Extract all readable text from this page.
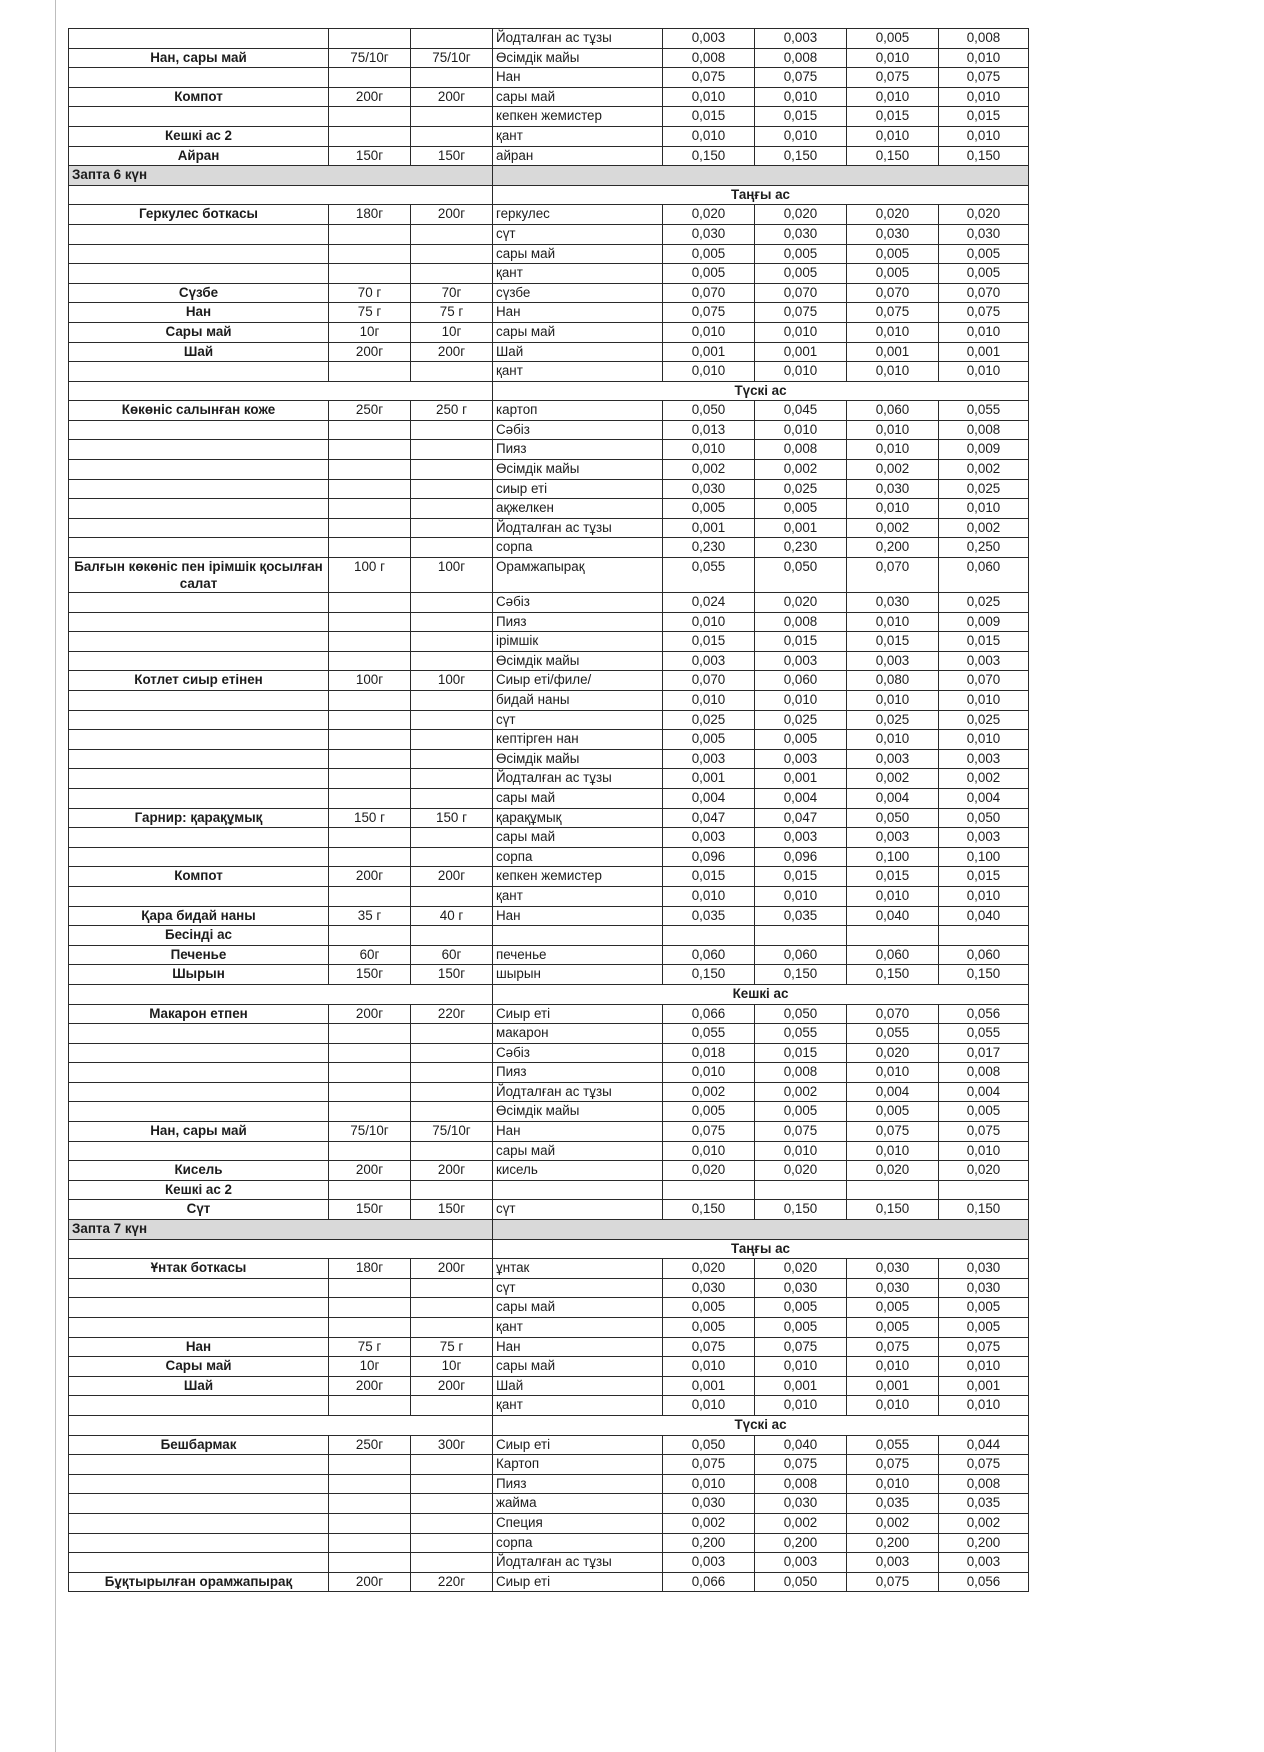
			Йодталған ас тұзы	0,003	0,003	0,005	0,008
Нан, сары май	75/10г	75/10г	Өсімдік майы	0,008	0,008	0,010	0,010
			Нан	0,075	0,075	0,075	0,075
Компот	200г	200г	сары май	0,010	0,010	0,010	0,010
			кепкен жемистер	0,015	0,015	0,015	0,015
Кешкі ас 2			қант	0,010	0,010	0,010	0,010
Айран	150г	150г	айран	0,150	0,150	0,150	0,150
Запта 6 күн							
			Таңғы ас				
Геркулес боткасы	180г	200г	геркулес	0,020	0,020	0,020	0,020
			сүт	0,030	0,030	0,030	0,030
			сары май	0,005	0,005	0,005	0,005
			қант	0,005	0,005	0,005	0,005
Сүзбе	70 г	70г	сүзбе	0,070	0,070	0,070	0,070
Нан	75 г	75 г	Нан	0,075	0,075	0,075	0,075
Сары май	10г	10г	сары май	0,010	0,010	0,010	0,010
Шай	200г	200г	Шай	0,001	0,001	0,001	0,001
			қант	0,010	0,010	0,010	0,010
			Түскі ас				
Көкөніс салынған коже	250г	250 г	картоп	0,050	0,045	0,060	0,055
			Сәбіз	0,013	0,010	0,010	0,008
			Пияз	0,010	0,008	0,010	0,009
			Өсімдік майы	0,002	0,002	0,002	0,002
			сиыр еті	0,030	0,025	0,030	0,025
			ақжелкен	0,005	0,005	0,010	0,010
			Йодталған ас тұзы	0,001	0,001	0,002	0,002
			сорпа	0,230	0,230	0,200	0,250
Балғын көкөніс пен ірімшік қосылған салат	100 г	100г	Орамжапырақ	0,055	0,050	0,070	0,060
			Сәбіз	0,024	0,020	0,030	0,025
			Пияз	0,010	0,008	0,010	0,009
			ірімшік	0,015	0,015	0,015	0,015
			Өсімдік майы	0,003	0,003	0,003	0,003
Котлет сиыр етінен	100г	100г	Сиыр еті/филе/	0,070	0,060	0,080	0,070
			бидай наны	0,010	0,010	0,010	0,010
			сүт	0,025	0,025	0,025	0,025
			кептірген нан	0,005	0,005	0,010	0,010
			Өсімдік майы	0,003	0,003	0,003	0,003
			Йодталған ас тұзы	0,001	0,001	0,002	0,002
			сары май	0,004	0,004	0,004	0,004
Гарнир: қарақұмық	150 г	150 г	қарақұмық	0,047	0,047	0,050	0,050
			сары май	0,003	0,003	0,003	0,003
			сорпа	0,096	0,096	0,100	0,100
Компот	200г	200г	кепкен жемистер	0,015	0,015	0,015	0,015
			қант	0,010	0,010	0,010	0,010
Қара бидай наны	35 г	40 г	Нан	0,035	0,035	0,040	0,040
Бесінді ас							
Печенье	60г	60г	печенье	0,060	0,060	0,060	0,060
Шырын	150г	150г	шырын	0,150	0,150	0,150	0,150
			Кешкі ас				
Макарон етпен	200г	220г	Сиыр еті	0,066	0,050	0,070	0,056
			макарон	0,055	0,055	0,055	0,055
			Сәбіз	0,018	0,015	0,020	0,017
			Пияз	0,010	0,008	0,010	0,008
			Йодталған ас тұзы	0,002	0,002	0,004	0,004
			Өсімдік майы	0,005	0,005	0,005	0,005
Нан, сары май	75/10г	75/10г	Нан	0,075	0,075	0,075	0,075
			сары май	0,010	0,010	0,010	0,010
Кисель	200г	200г	кисель	0,020	0,020	0,020	0,020
Кешкі ас 2							
Сүт	150г	150г	сүт	0,150	0,150	0,150	0,150
Запта 7 күн							
			Таңғы ас				
Ұнтак боткасы	180г	200г	ұнтак	0,020	0,020	0,030	0,030
			сүт	0,030	0,030	0,030	0,030
			сары май	0,005	0,005	0,005	0,005
			қант	0,005	0,005	0,005	0,005
Нан	75 г	75 г	Нан	0,075	0,075	0,075	0,075
Сары май	10г	10г	сары май	0,010	0,010	0,010	0,010
Шай	200г	200г	Шай	0,001	0,001	0,001	0,001
			қант	0,010	0,010	0,010	0,010
			Түскі ас				
Бешбармак	250г	300г	Сиыр еті	0,050	0,040	0,055	0,044
			Картоп	0,075	0,075	0,075	0,075
			Пияз	0,010	0,008	0,010	0,008
			жайма	0,030	0,030	0,035	0,035
			Специя	0,002	0,002	0,002	0,002
			сорпа	0,200	0,200	0,200	0,200
			Йодталған ас тұзы	0,003	0,003	0,003	0,003
Бұқтырылған орамжапырақ	200г	220г	Сиыр еті	0,066	0,050	0,075	0,056
